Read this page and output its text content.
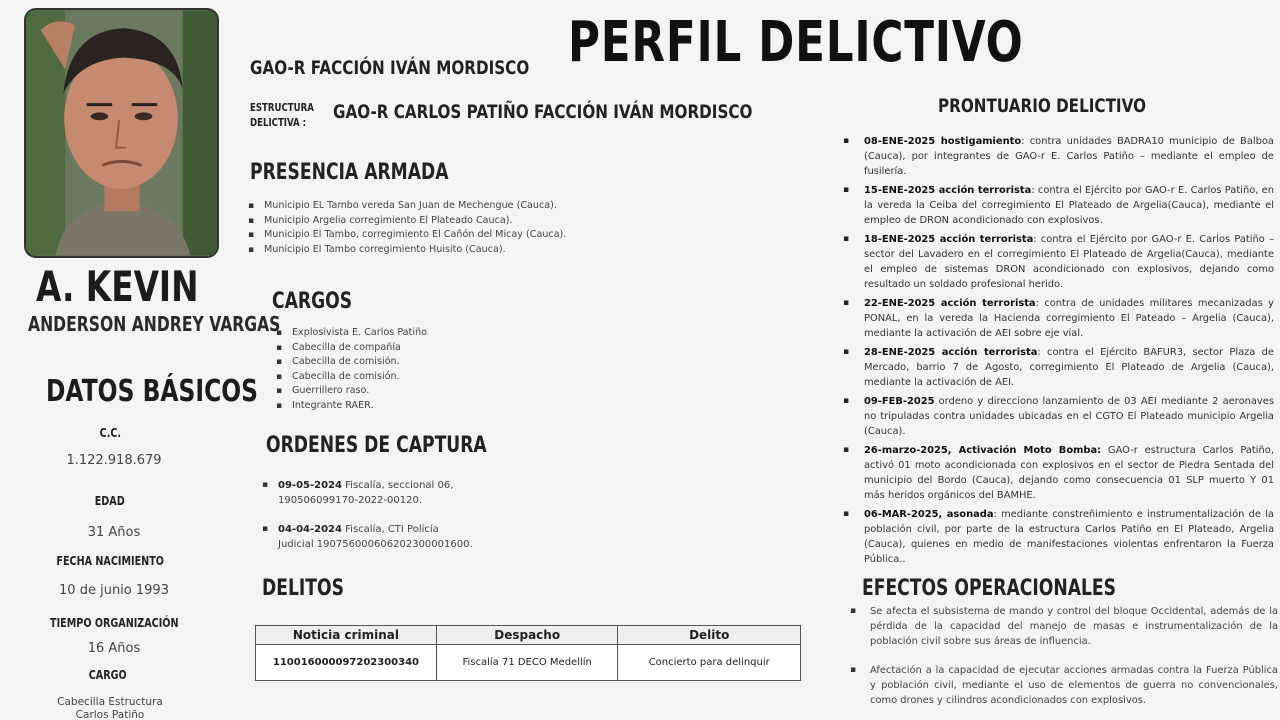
A. KEVIN
ANDERSON ANDREY VARGAS
DATOS BÁSICOS
C.C.
1.122.918.679
EDAD
31 Años
FECHA NACIMIENTO
10 de junio 1993
TIEMPO ORGANIZACIÓN
16 Años
CARGO
Cabecilla Estructura
Carlos Patiño
PERFIL DELICTIVO
GAO-R FACCIÓN IVÁN MORDISCO
ESTRUCTURA
DELICTIVA :	GAO-R CARLOS PATIÑO FACCIÓN IVÁN MORDISCO
PRESENCIA ARMADA
▪ Municipio EL Tambo vereda San Juan de Mechengue (Cauca).
▪ Municipio Argelia corregimiento El Plateado Cauca).
▪ Municipio El Tambo, corregimiento El Cañón del Micay (Cauca).
▪ Municipio El Tambo corregimiento Huisito (Cauca).
CARGOS
▪ Explosivista E. Carlos Patiño
▪ Cabecilla de compañía
▪ Cabecilla de comisión.
▪ Cabecilla de comisión.
▪ Guerrillero raso.
▪ Integrante RAER.
ORDENES DE CAPTURA
▪ 09-05-2024 Fiscalía, seccional 06,
190506099170-2022-00120.
▪ 04-04-2024 Fiscalía, CTI Policía
Judicial 190756000606202300001600.
DELITOS
Noticia criminal	Despacho	Delito
110016000097202300340	Fiscalía 71 DECO Medellín	Concierto para delinquir
PRONTUARIO DELICTIVO
▪ 08-ENE-2025 hostigamiento: contra unidades BADRA10 municipio de Balboa (Cauca), por integrantes de GAO-r E. Carlos Patiño – mediante el empleo de fusilería.
▪ 15-ENE-2025 acción terrorista: contra el Ejército por GAO-r E. Carlos Patiño, en la vereda la Ceiba del corregimiento El Plateado de Argelia(Cauca), mediante el empleo de DRON acondicionado con explosivos.
▪ 18-ENE-2025 acción terrorista: contra el Ejército por GAO-r E. Carlos Patiño – sector del Lavadero en el corregimiento El Plateado de Argelia(Cauca), mediante el empleo de sistemas DRON acondicionado con explosivos, dejando como resultado un soldado profesional herido.
▪ 22-ENE-2025 acción terrorista: contra de unidades militares mecanizadas y PONAL, en la vereda la Hacienda corregimiento El Pateado – Argelia (Cauca), mediante la activación de AEI sobre eje vial.
▪ 28-ENE-2025 acción terrorista: contra el Ejército BAFUR3, sector Plaza de Mercado, barrio 7 de Agosto, corregimiento El Plateado de Argelia (Cauca), mediante la activación de AEI.
▪ 09-FEB-2025 ordeno y direcciono lanzamiento de 03 AEI mediante 2 aeronaves no tripuladas contra unidades ubicadas en el CGTO El Plateado municipio Argelia (Cauca).
▪ 26-marzo-2025, Activación Moto Bomba: GAO-r estructura Carlos Patiño, activó 01 moto acondicionada con explosivos en el sector de Piedra Sentada del municipio del Bordo (Cauca), dejando como consecuencia 01 SLP muerto Y 01 más heridos orgánicos del BAMHE.
▪ 06-MAR-2025, asonada: mediante constreñimiento e instrumentalización de la población civil, por parte de la estructura Carlos Patiño en El Plateado, Argelia (Cauca), quienes en medio de manifestaciones violentas enfrentaron la Fuerza Pública..
EFECTOS OPERACIONALES
▪ Se afecta el subsistema de mando y control del bloque Occidental, además de la pérdida de la capacidad del manejo de masas e instrumentalización de la población civil sobre sus áreas de influencia.
▪ Afectación a la capacidad de ejecutar acciones armadas contra la Fuerza Pública y población civil, mediante el uso de elementos de guerra no convencionales, como drones y cilindros acondicionados con explosivos.
